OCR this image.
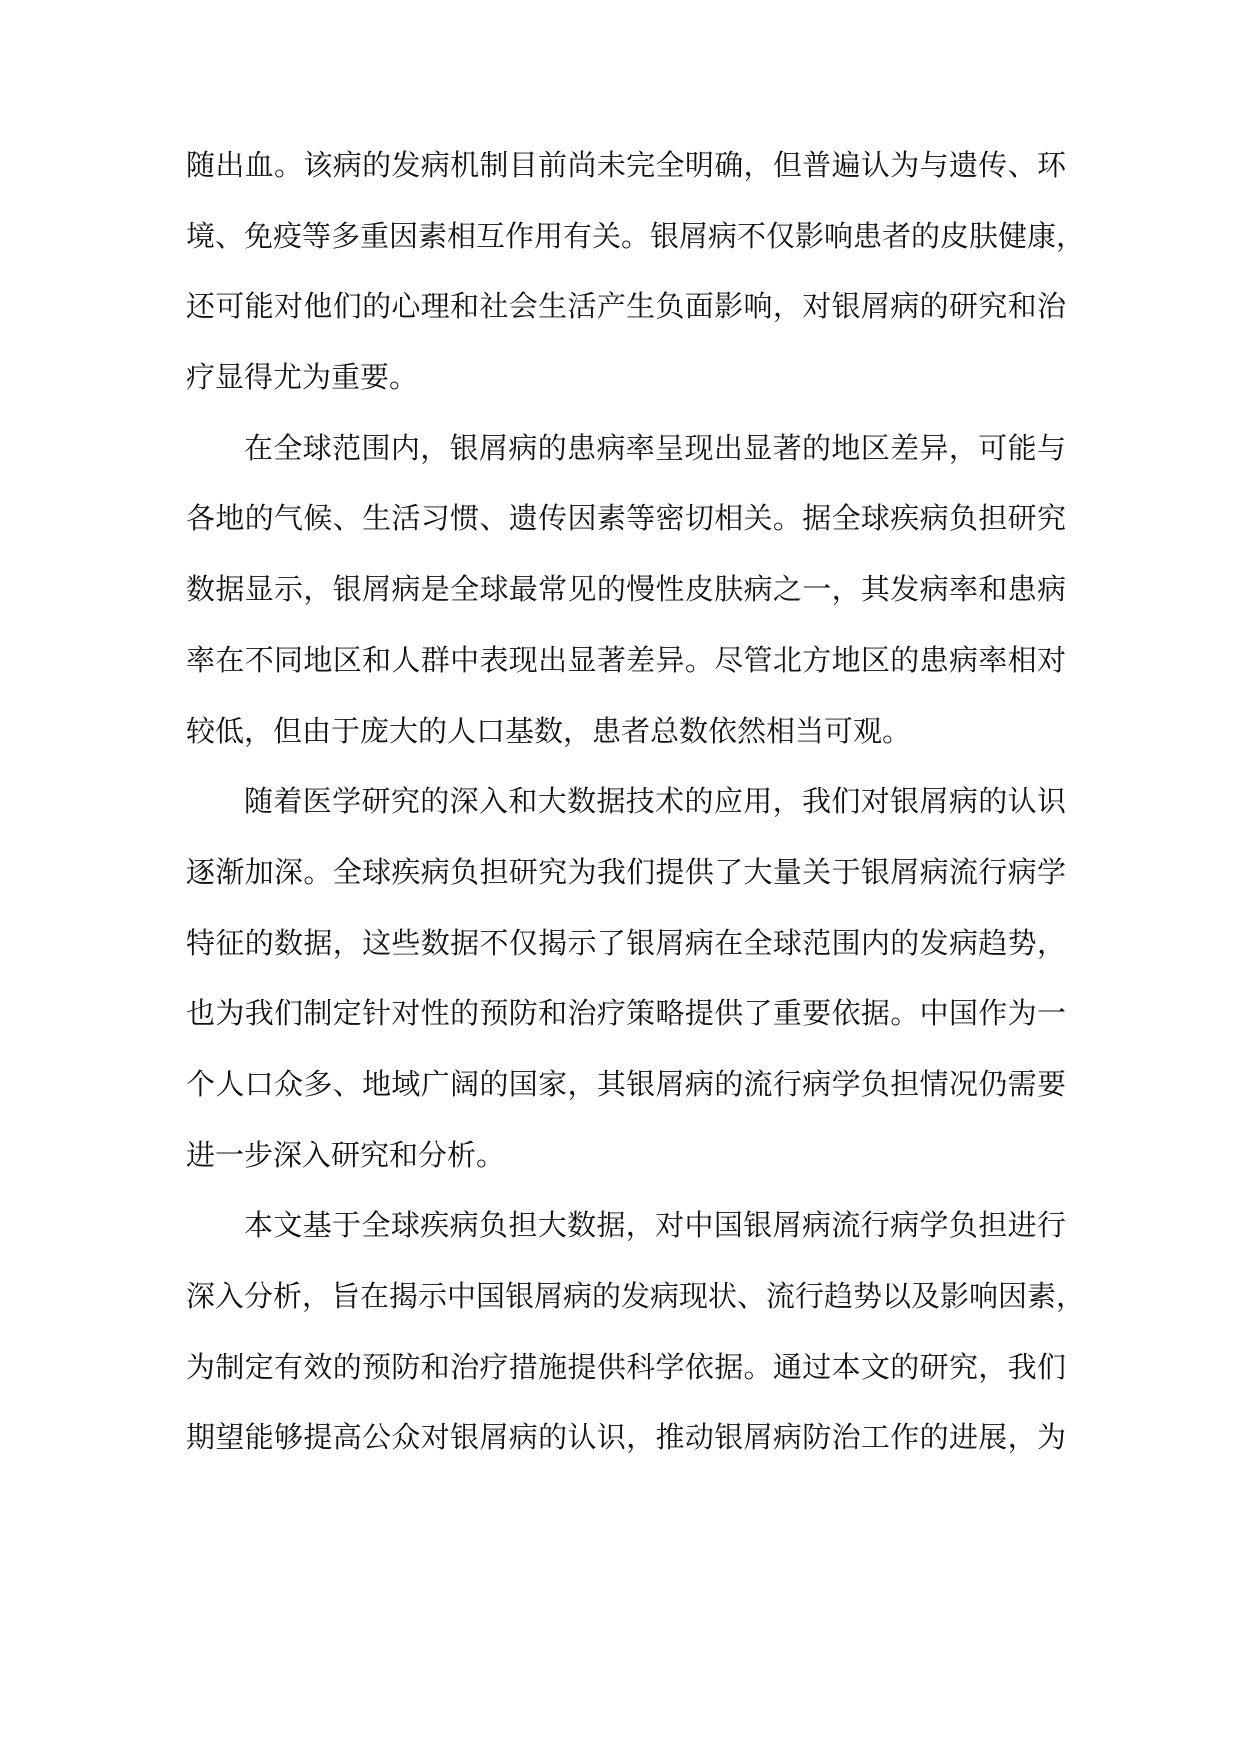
随出血。该病的发病机制目前尚未完全明确，但普遍认为与遗传、环
境、免疫等多重因素相互作用有关。银屑病不仅影响患者的皮肤健康，
还可能对他们的心理和社会生活产生负面影响，对银屑病的研究和治
疗显得尤为重要。
在全球范围内，银屑病的患病率呈现出显著的地区差异，可能与
各地的气候、生活习惯、遗传因素等密切相关。据全球疾病负担研究
数据显示，银屑病是全球最常见的慢性皮肤病之一，其发病率和患病
率在不同地区和人群中表现出显著差异。尽管北方地区的患病率相对
较低，但由于庞大的人口基数，患者总数依然相当可观。
随着医学研究的深入和大数据技术的应用，我们对银屑病的认识
逐渐加深。全球疾病负担研究为我们提供了大量关于银屑病流行病学
特征的数据，这些数据不仅揭示了银屑病在全球范围内的发病趋势，
也为我们制定针对性的预防和治疗策略提供了重要依据。中国作为一
个人口众多、地域广阔的国家，其银屑病的流行病学负担情况仍需要
进一步深入研究和分析。
本文基于全球疾病负担大数据，对中国银屑病流行病学负担进行
深入分析，旨在揭示中国银屑病的发病现状、流行趋势以及影响因素，
为制定有效的预防和治疗措施提供科学依据。通过本文的研究，我们
期望能够提高公众对银屑病的认识，推动银屑病防治工作的进展，为
